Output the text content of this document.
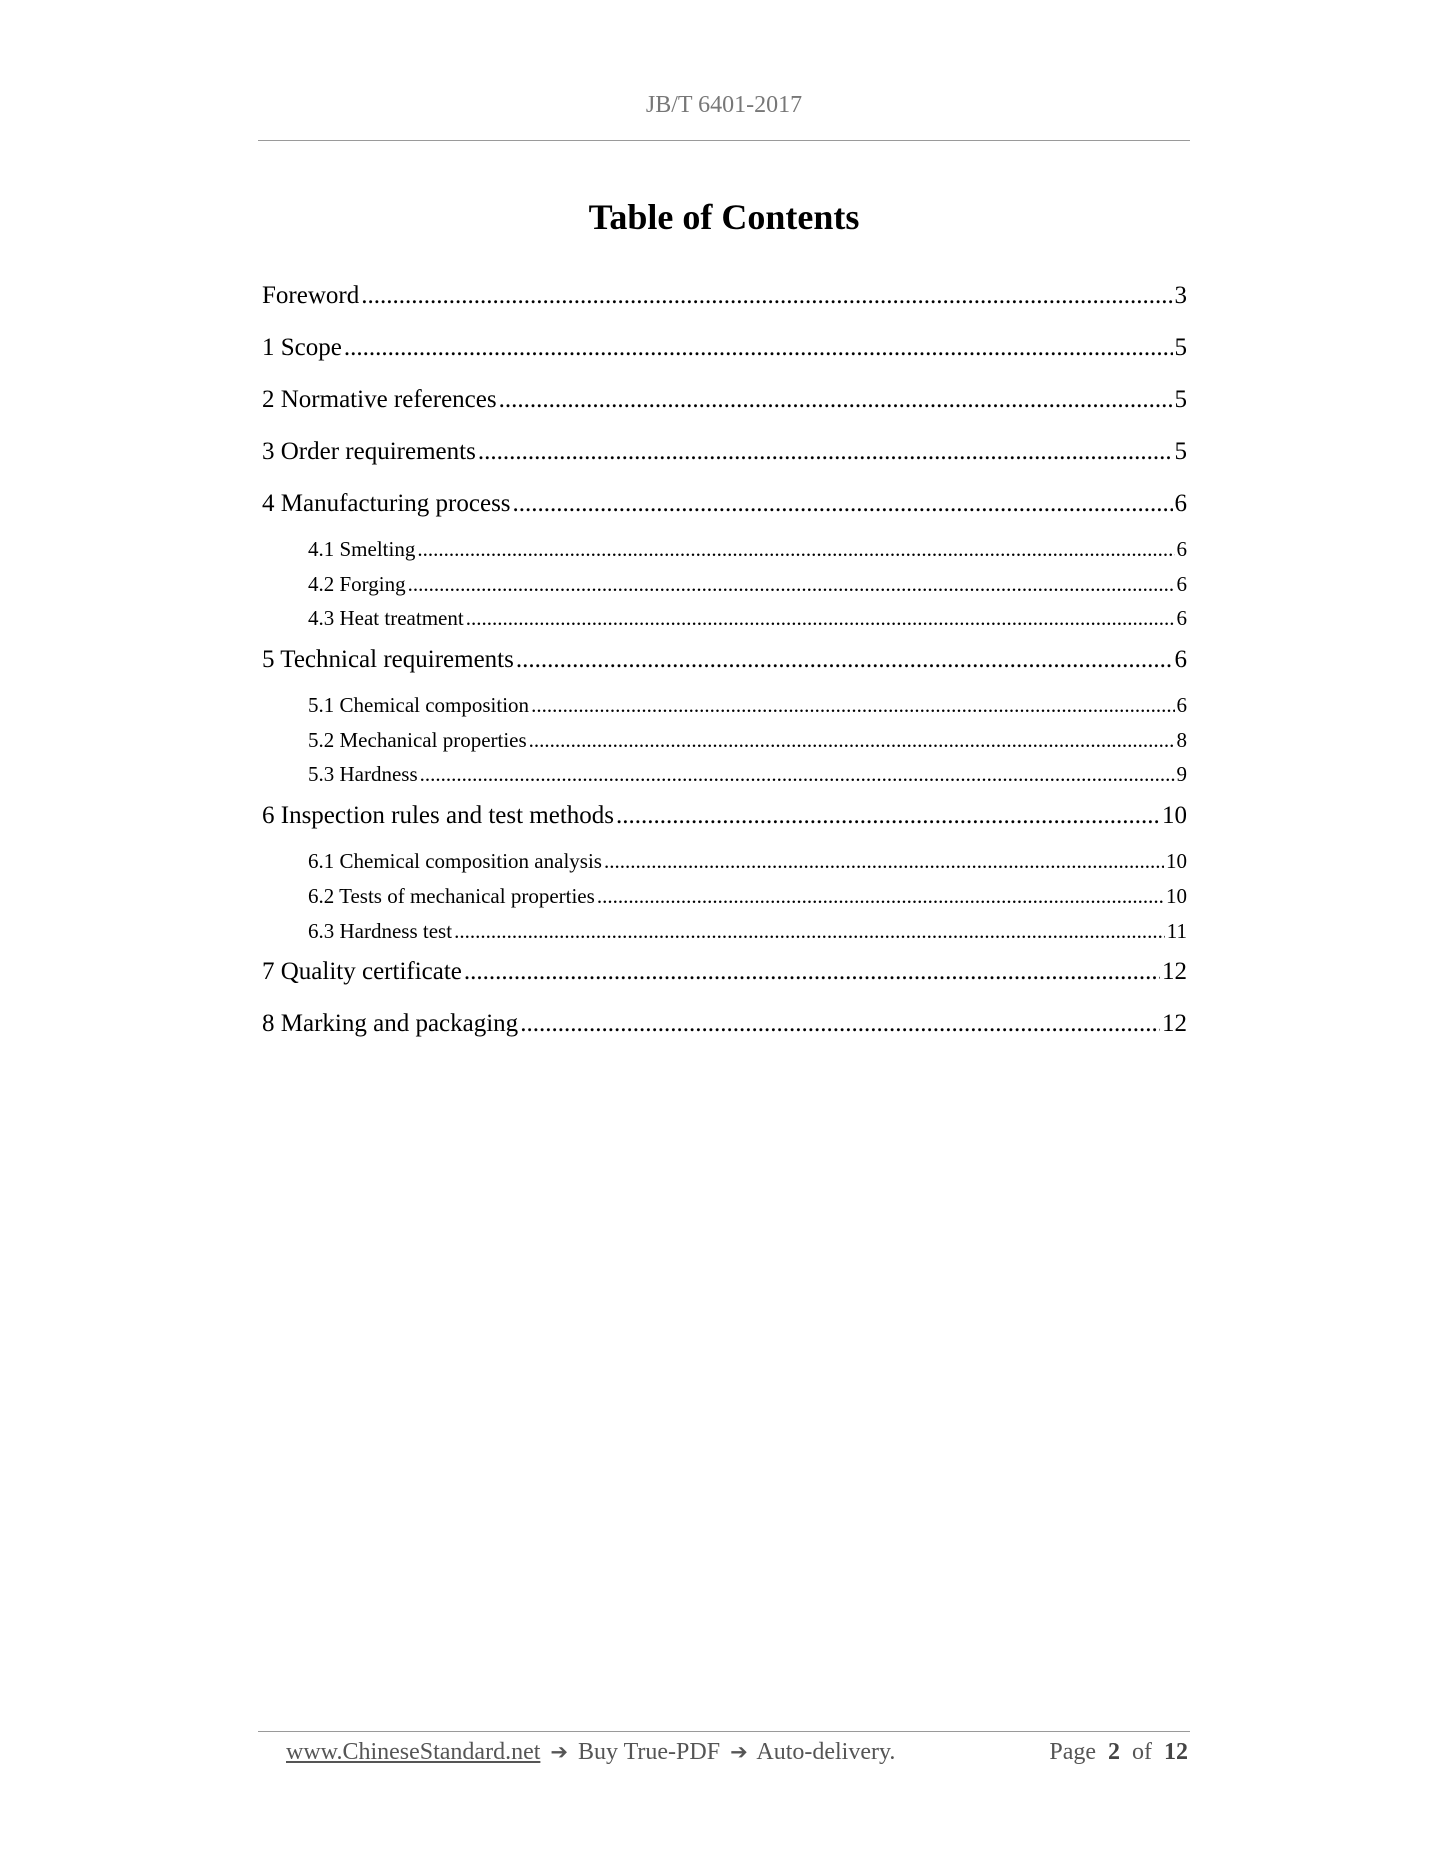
JB/T 6401-2017
Table of Contents
Foreword .....	3
1 Scope .....	5
2 Normative references .....	5
3 Order requirements .....	5
4 Manufacturing process .....	6
4.1 Smelting .....	6
4.2 Forging .....	6
4.3 Heat treatment .....	6
5 Technical requirements .....	6
5.1 Chemical composition .....	6
5.2 Mechanical properties .....	8
5.3 Hardness .....	9
6 Inspection rules and test methods .....	10
6.1 Chemical composition analysis .....	10
6.2 Tests of mechanical properties .....	10
6.3 Hardness test .....	11
7 Quality certificate .....	12
8 Marking and packaging .....	12
www.ChineseStandard.net ➔ Buy True-PDF ➔ Auto-delivery.	Page 2 of 12
